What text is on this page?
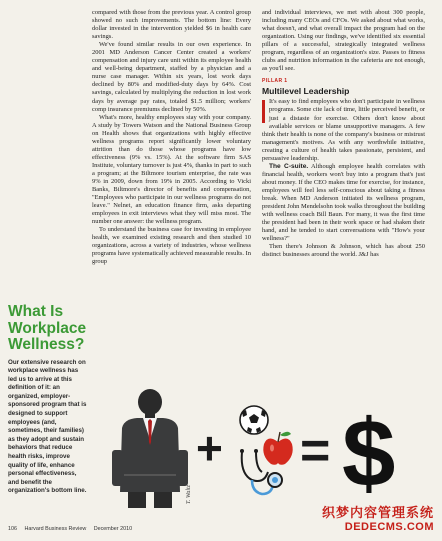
What Is
Workplace
Wellness?
Our extensive research on workplace wellness has led us to arrive at this definition of it: an organized, employer-sponsored program that is designed to support employees (and, sometimes, their families) as they adopt and sustain behaviors that reduce health risks, improve quality of life, enhance personal effectiveness, and benefit the organization's bottom line.

compared with those from the previous year. A control group showed no such improvements. The bottom line: Every dollar invested in the intervention yielded $6 in health care savings.

We've found similar results in our own experience. In 2001 MD Anderson Cancer Center created a workers' compensation and injury care unit within its employee health and well-being department, staffed by a physician and a nurse case manager. Within six years, lost work days declined by 80% and modified-duty days by 64%. Cost savings, calculated by multiplying the reduction in lost work days by average pay rates, totaled $1.5 million; workers' comp insurance premiums declined by 50%.

What's more, healthy employees stay with your company. A study by Towers Watson and the National Business Group on Health shows that organizations with highly effective wellness programs report significantly lower voluntary attrition than do those whose programs have low effectiveness (9% vs. 15%). At the software firm SAS Institute, voluntary turnover is just 4%, thanks in part to such a program; at the Biltmore tourism enterprise, the rate was 9% in 2009, down from 19% in 2005. According to Vicki Banks, Biltmore's director of benefits and compensation, "Employees who participate in our wellness programs do not leave." Nelnet, an education finance firm, asks departing employees in exit interviews what they will miss most. The number one answer: the wellness program.

To understand the business case for investing in employee health, we examined existing research and then studied 10 organizations, across a variety of industries, whose wellness programs have systematically achieved measurable results. In group

and individual interviews, we met with about 300 people, including many CEOs and CFOs. We asked about what works, what doesn't, and what overall impact the program had on the organization. Using our findings, we've identified six essential pillars of a successful, strategically integrated wellness program, regardless of an organization's size. Passes to fitness clubs and nutrition information in the cafeteria are not enough, as you'll see.

PILLAR 1
Multilevel Leadership

It's easy to find employees who don't participate in wellness programs. Some cite lack of time, little perceived benefit, or just a distaste for exercise. Others don't know about available services or blame unsupportive managers. A few think their health is none of the company's business or mistrust management's motives. As with any worthwhile initiative, creating a culture of health takes passionate, persistent, and persuasive leadership.

The C-suite. Although employee health correlates with financial health, workers won't buy into a program that's just about money. If the CEO makes time for exercise, for instance, employees will feel less self-conscious about taking a fitness break. When MD Anderson initiated its wellness program, president John Mendelsohn took walks throughout the building with wellness coach Bill Baun. For many, it was the first time the president had been in their work space or had shaken their hand, and he tended to start conversations with "How's your wellness?"

Then there's Johnson & Johnson, which has about 250 distinct businesses around the world. J&J has

T. Waltz
+ = $
106 Harvard Business Review December 2010
织梦内容管理系统
DEDECMS.COM
